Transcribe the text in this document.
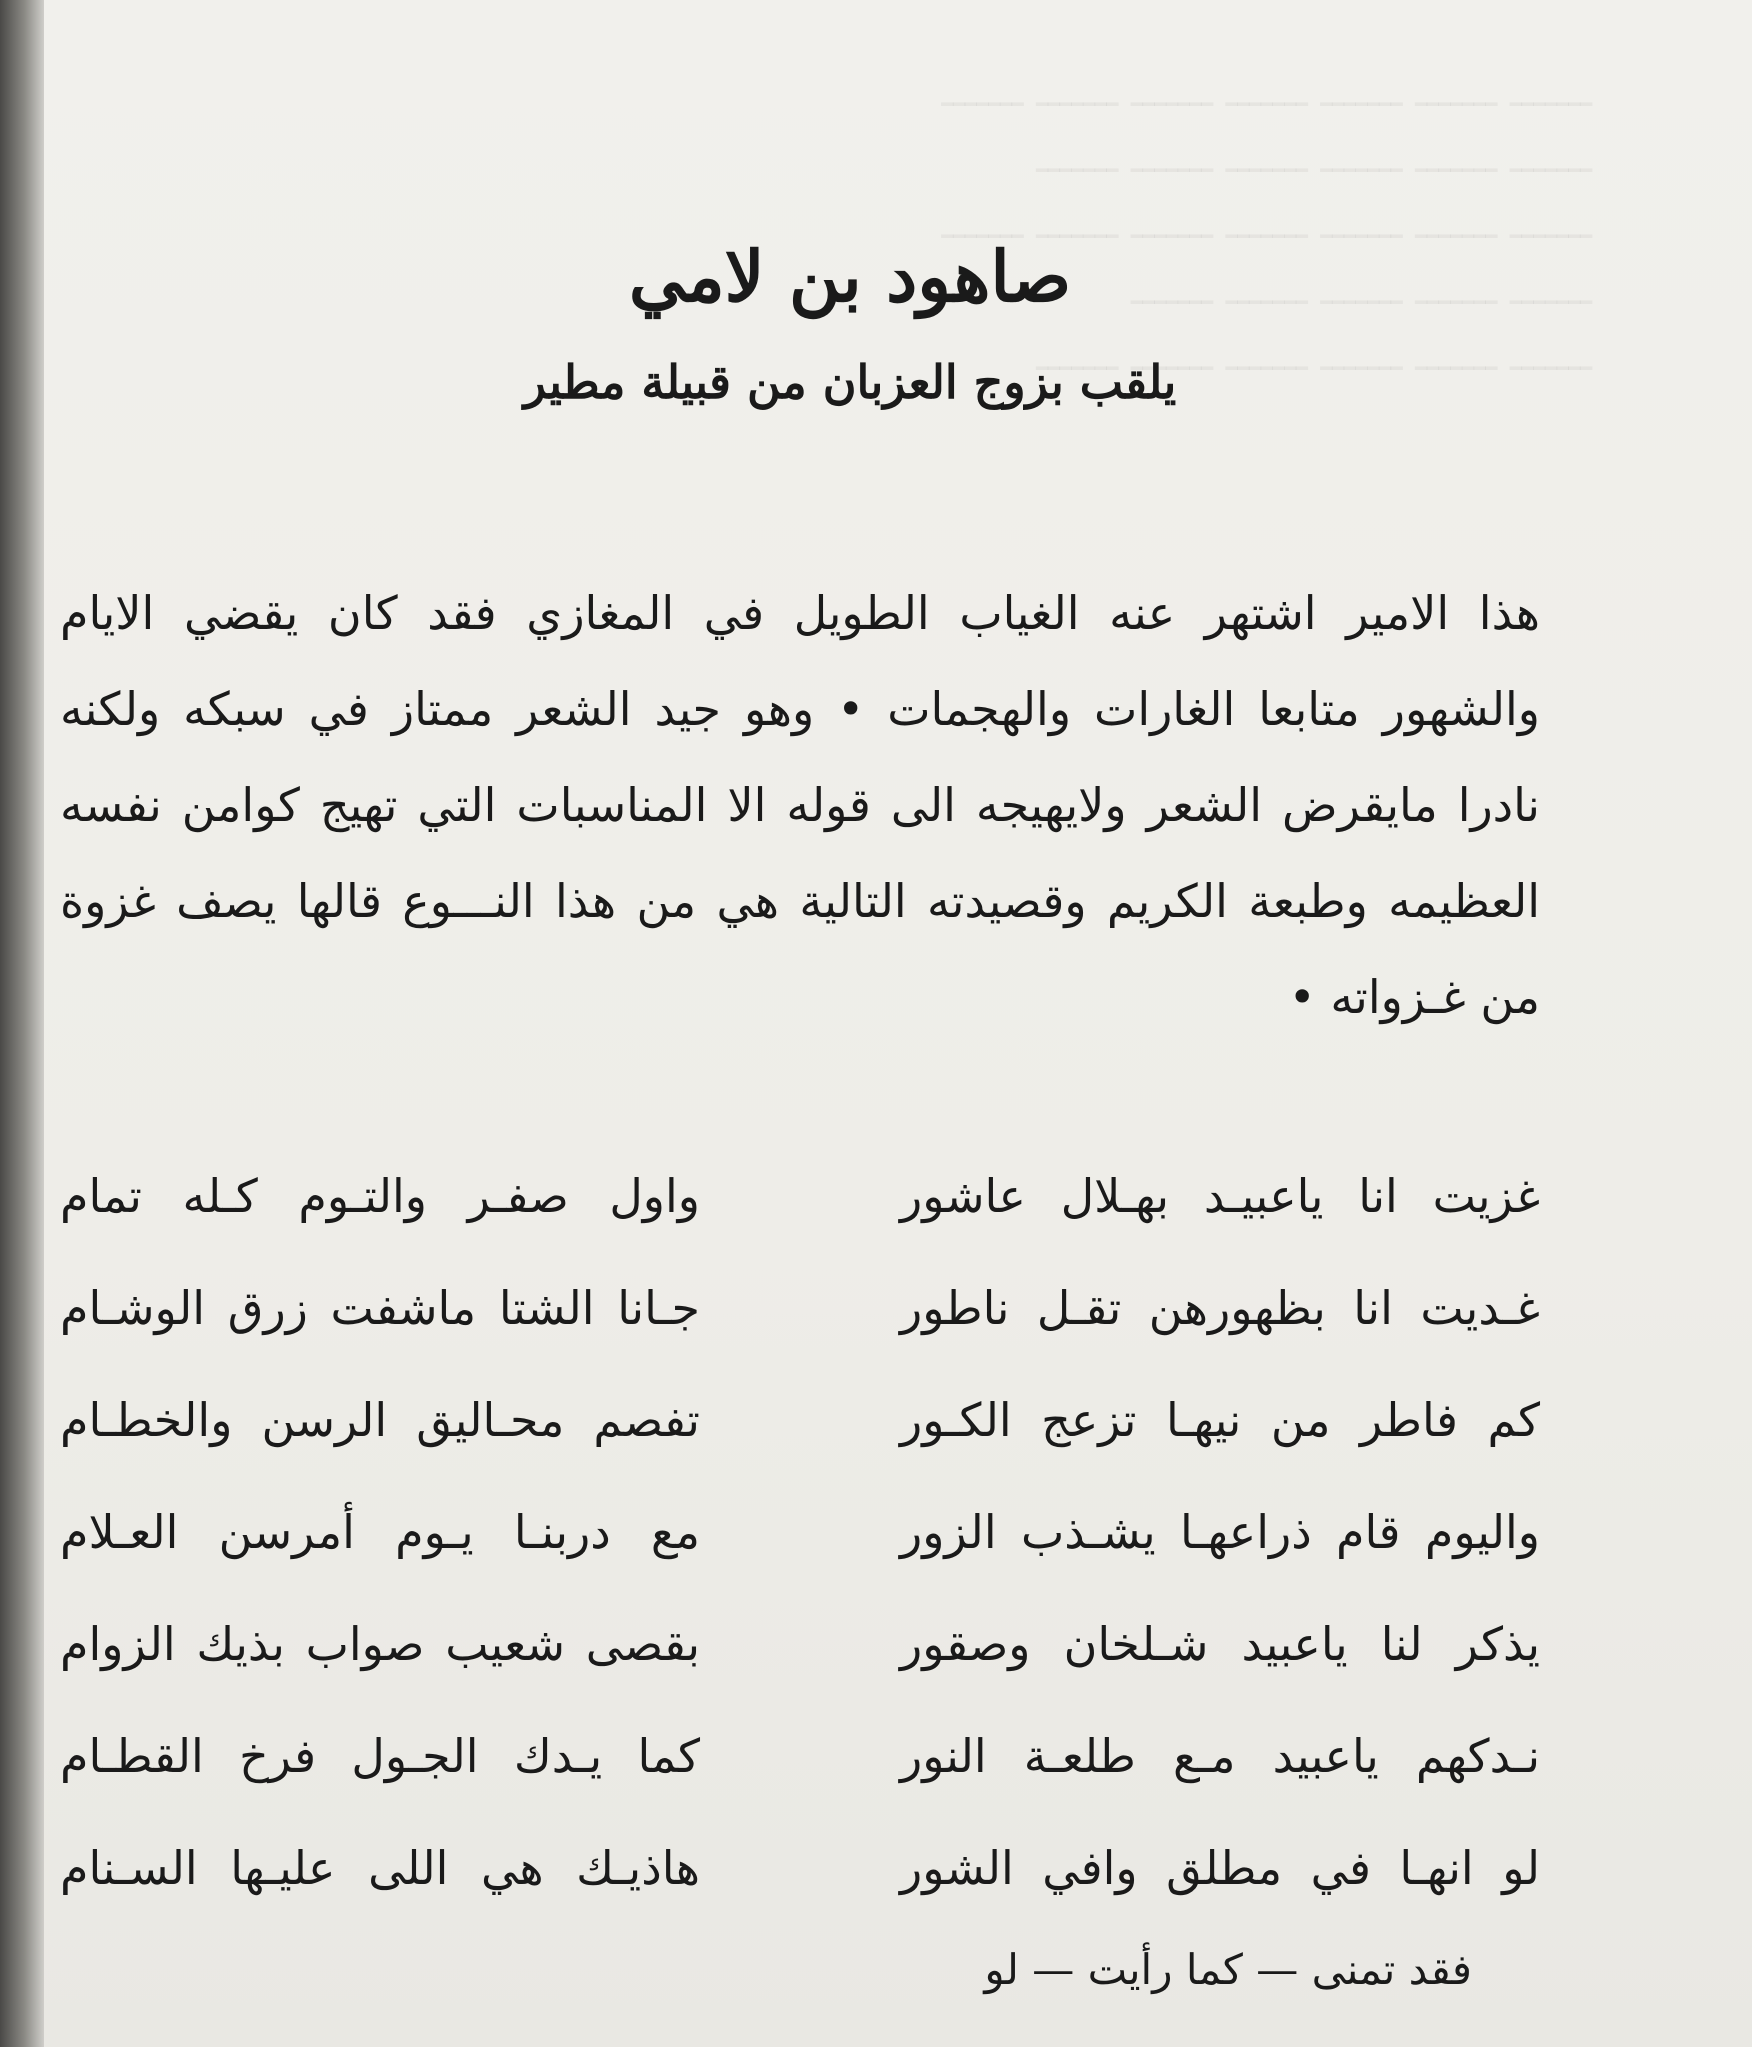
ـــــــ ـــــــ ـــــــ ـــــــ ـــــــ ـــــــ ـــــــ
ـــــــ ـــــــ ـــــــ ـــــــ ـــــــ ـــــــ
ـــــــ ـــــــ ـــــــ ـــــــ ـــــــ ـــــــ ـــــــ
ـــــــ ـــــــ ـــــــ ـــــــ ـــــــ
ـــــــ ـــــــ ـــــــ ـــــــ ـــــــ ـــــــ
صاهود بن لامي
يلقب بزوج العزبان من قبيلة مطير
هذا الامير اشتهر عنه الغياب الطويل في المغازي فقد كان يقضي الايام
والشهور متابعا الغارات والهجمات • وهو جيد الشعر ممتاز في سبكه ولكنه
نادرا مايقرض الشعر ولايهيجه الى قوله الا المناسبات التي تهيج كوامن نفسه
العظيمه وطبعة الكريم وقصيدته التالية هي من هذا النـــوع قالها يصف غزوة
من غـزواته •
غزيت انا ياعبيـد بهـلال عاشور
واول صفـر والتـوم كـله تمام
غـديت انا بظهورهن تقـل ناطور
جـانا الشتا ماشفت زرق الوشـام
كم فاطر من نيهـا تزعج الكـور
تفصم محـاليق الرسن والخطـام
واليوم قام ذراعهـا يشـذب الزور
مع دربنـا يـوم أمرسن العـلام
يذكر لنا ياعبيد شـلخان وصقور
بقصى شعيب صواب بذيك الزوام
نـدكهم ياعبيد مـع طلعـة النور
كما يـدك الجـول فرخ القطـام
لو انهـا في مطلق وافي الشور
هاذيـك هي اللى عليـها السـنام
فقد تمنى — كما رأيت — لو
